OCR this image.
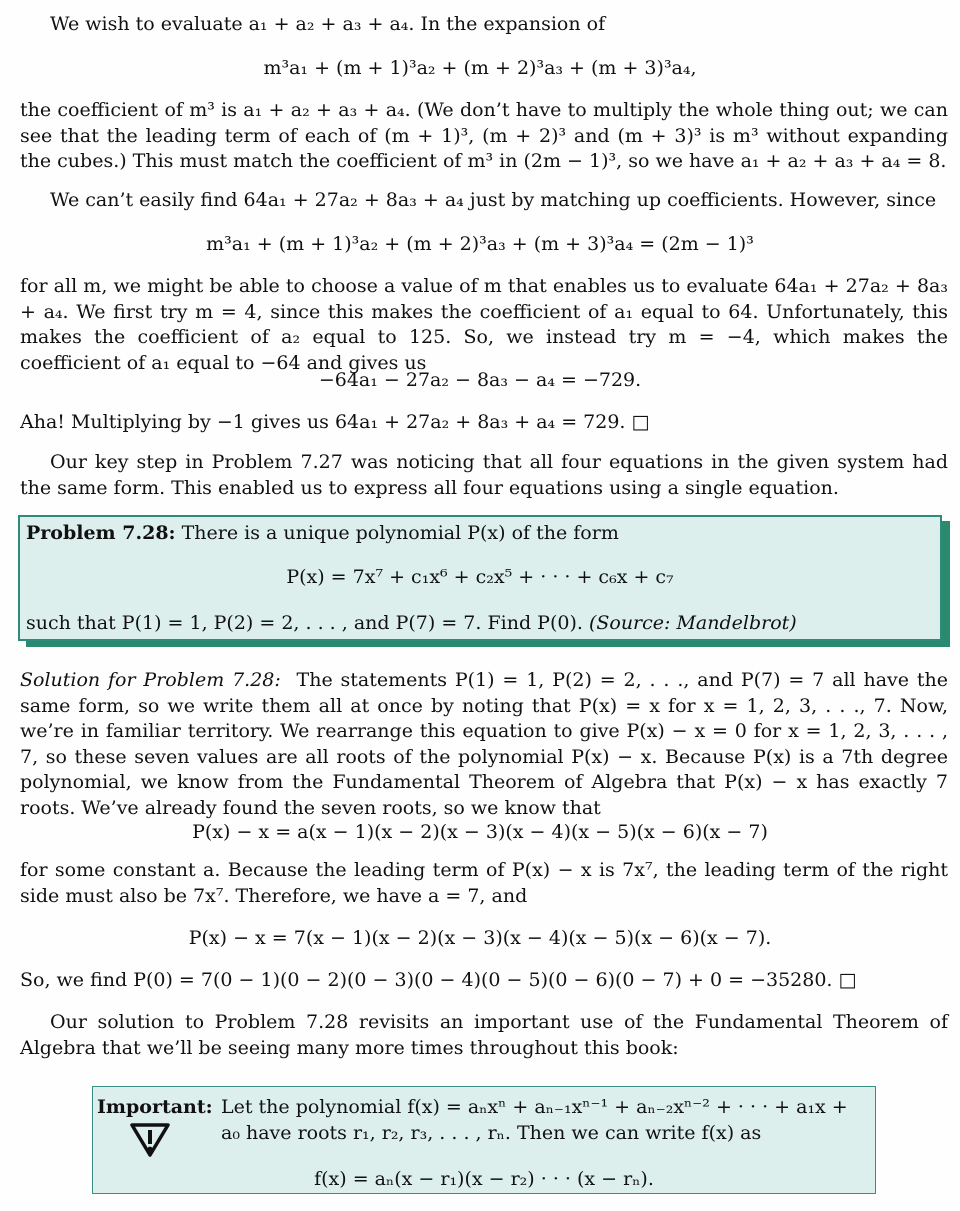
We wish to evaluate a₁ + a₂ + a₃ + a₄. In the expansion of

m³a₁ + (m + 1)³a₂ + (m + 2)³a₃ + (m + 3)³a₄,

the coefficient of m³ is a₁ + a₂ + a₃ + a₄. (We don’t have to multiply the whole thing out; we can see that the leading term of each of (m + 1)³, (m + 2)³ and (m + 3)³ is m³ without expanding the cubes.) This must match the coefficient of m³ in (2m − 1)³, so we have a₁ + a₂ + a₃ + a₄ = 8.

We can’t easily find 64a₁ + 27a₂ + 8a₃ + a₄ just by matching up coefficients. However, since

m³a₁ + (m + 1)³a₂ + (m + 2)³a₃ + (m + 3)³a₄ = (2m − 1)³

for all m, we might be able to choose a value of m that enables us to evaluate 64a₁ + 27a₂ + 8a₃ + a₄. We first try m = 4, since this makes the coefficient of a₁ equal to 64. Unfortunately, this makes the coefficient of a₂ equal to 125. So, we instead try m = −4, which makes the coefficient of a₁ equal to −64 and gives us

−64a₁ − 27a₂ − 8a₃ − a₄ = −729.

Aha! Multiplying by −1 gives us 64a₁ + 27a₂ + 8a₃ + a₄ = 729. □

Our key step in Problem 7.27 was noticing that all four equations in the given system had the same form. This enabled us to express all four equations using a single equation.

Problem 7.28: There is a unique polynomial P(x) of the form

P(x) = 7x⁷ + c₁x⁶ + c₂x⁵ + · · · + c₆x + c₇

such that P(1) = 1, P(2) = 2, . . . , and P(7) = 7. Find P(0). (Source: Mandelbrot)

Solution for Problem 7.28: The statements P(1) = 1, P(2) = 2, . . ., and P(7) = 7 all have the same form, so we write them all at once by noting that P(x) = x for x = 1, 2, 3, . . ., 7. Now, we’re in familiar territory. We rearrange this equation to give P(x) − x = 0 for x = 1, 2, 3, . . . , 7, so these seven values are all roots of the polynomial P(x) − x. Because P(x) is a 7th degree polynomial, we know from the Fundamental Theorem of Algebra that P(x) − x has exactly 7 roots. We’ve already found the seven roots, so we know that

P(x) − x = a(x − 1)(x − 2)(x − 3)(x − 4)(x − 5)(x − 6)(x − 7)

for some constant a. Because the leading term of P(x) − x is 7x⁷, the leading term of the right side must also be 7x⁷. Therefore, we have a = 7, and

P(x) − x = 7(x − 1)(x − 2)(x − 3)(x − 4)(x − 5)(x − 6)(x − 7).

So, we find P(0) = 7(0 − 1)(0 − 2)(0 − 3)(0 − 4)(0 − 5)(0 − 6)(0 − 7) + 0 = −35280. □

Our solution to Problem 7.28 revisits an important use of the Fundamental Theorem of Algebra that we’ll be seeing many more times throughout this book:

Important: Let the polynomial f(x) = aₙxⁿ + aₙ₋₁xⁿ⁻¹ + aₙ₋₂xⁿ⁻² + · · · + a₁x + a₀ have roots r₁, r₂, r₃, . . . , rₙ. Then we can write f(x) as

f(x) = aₙ(x − r₁)(x − r₂) · · · (x − rₙ).
